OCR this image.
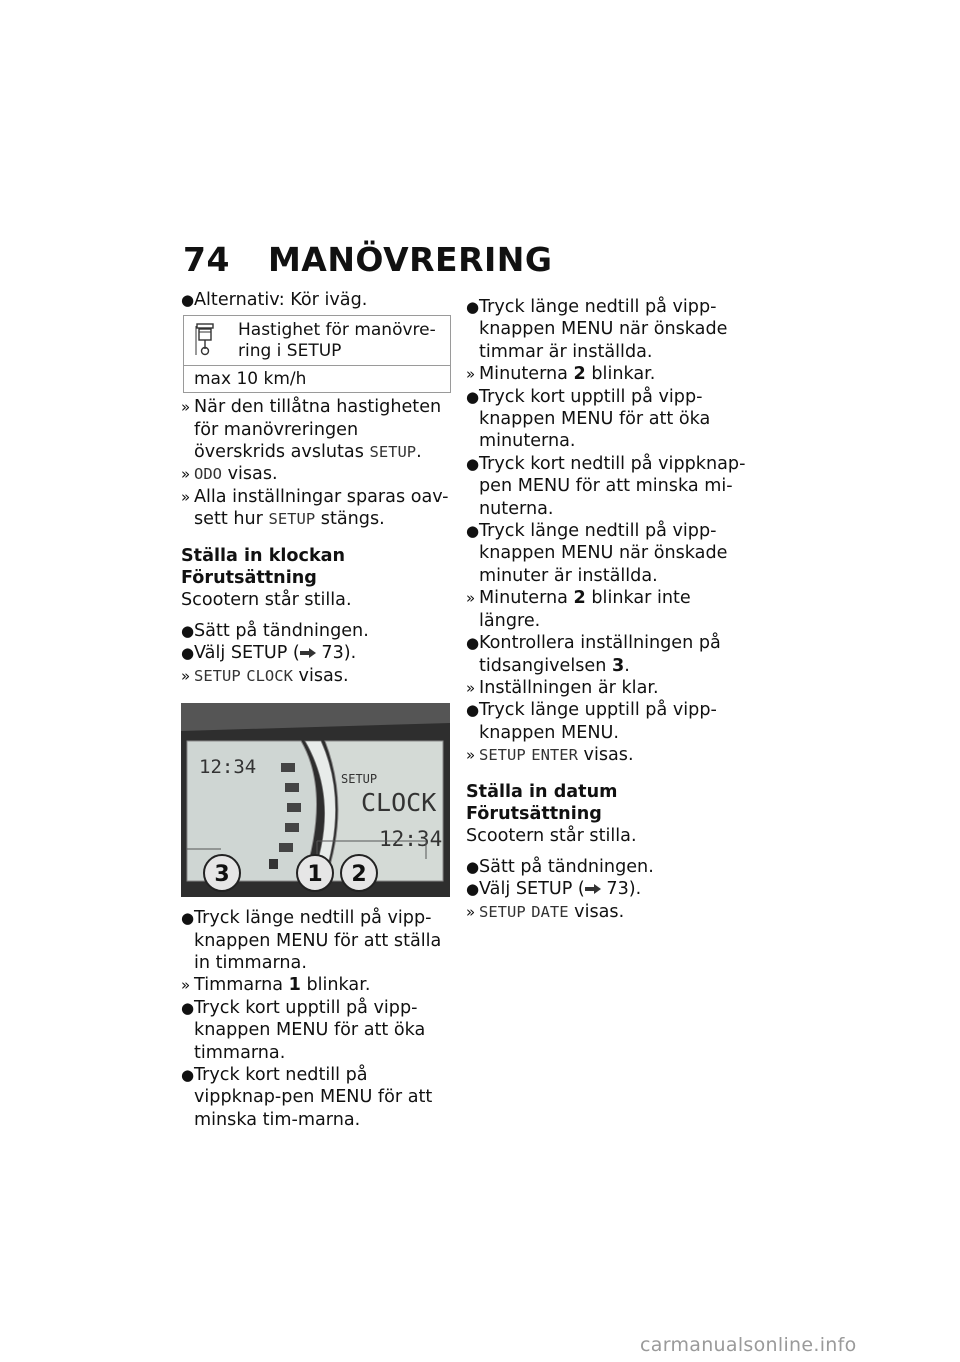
74 MANÖVRERING
● Alternativ: Kör iväg.
	Hastighet för manövre-ring i SETUP
max 10 km/h
» När den tillåtna hastigheten för manövreringen överskrids avslutas SETUP.
» ODO visas.
» Alla inställningar sparas oav-sett hur SETUP stängs.
Ställa in klockan
Förutsättning
Scootern står stilla.
● Sätt på tändningen.
● Välj SETUP ( 73).
» SETUP CLOCK visas.
12:34
SETUP
CLOCK
12:34
3	1 2
● Tryck länge nedtill på vipp-knappen MENU för att ställa in timmarna.
» Timmarna 1 blinkar.
● Tryck kort upptill på vipp-knappen MENU för att öka timmarna.
● Tryck kort nedtill på vippknap-pen MENU för att minska tim-marna.
● Tryck länge nedtill på vipp-knappen MENU när önskade timmar är inställda.
» Minuterna 2 blinkar.
● Tryck kort upptill på vipp-knappen MENU för att öka minuterna.
● Tryck kort nedtill på vippknap-pen MENU för att minska mi-nuterna.
● Tryck länge nedtill på vipp-knappen MENU när önskade minuter är inställda.
» Minuterna 2 blinkar inte längre.
● Kontrollera inställningen på tidsangivelsen 3.
» Inställningen är klar.
● Tryck länge upptill på vipp-knappen MENU.
» SETUP ENTER visas.
Ställa in datum
Förutsättning
Scootern står stilla.
● Sätt på tändningen.
● Välj SETUP ( 73).
» SETUP DATE visas.
carmanualsonline.info
